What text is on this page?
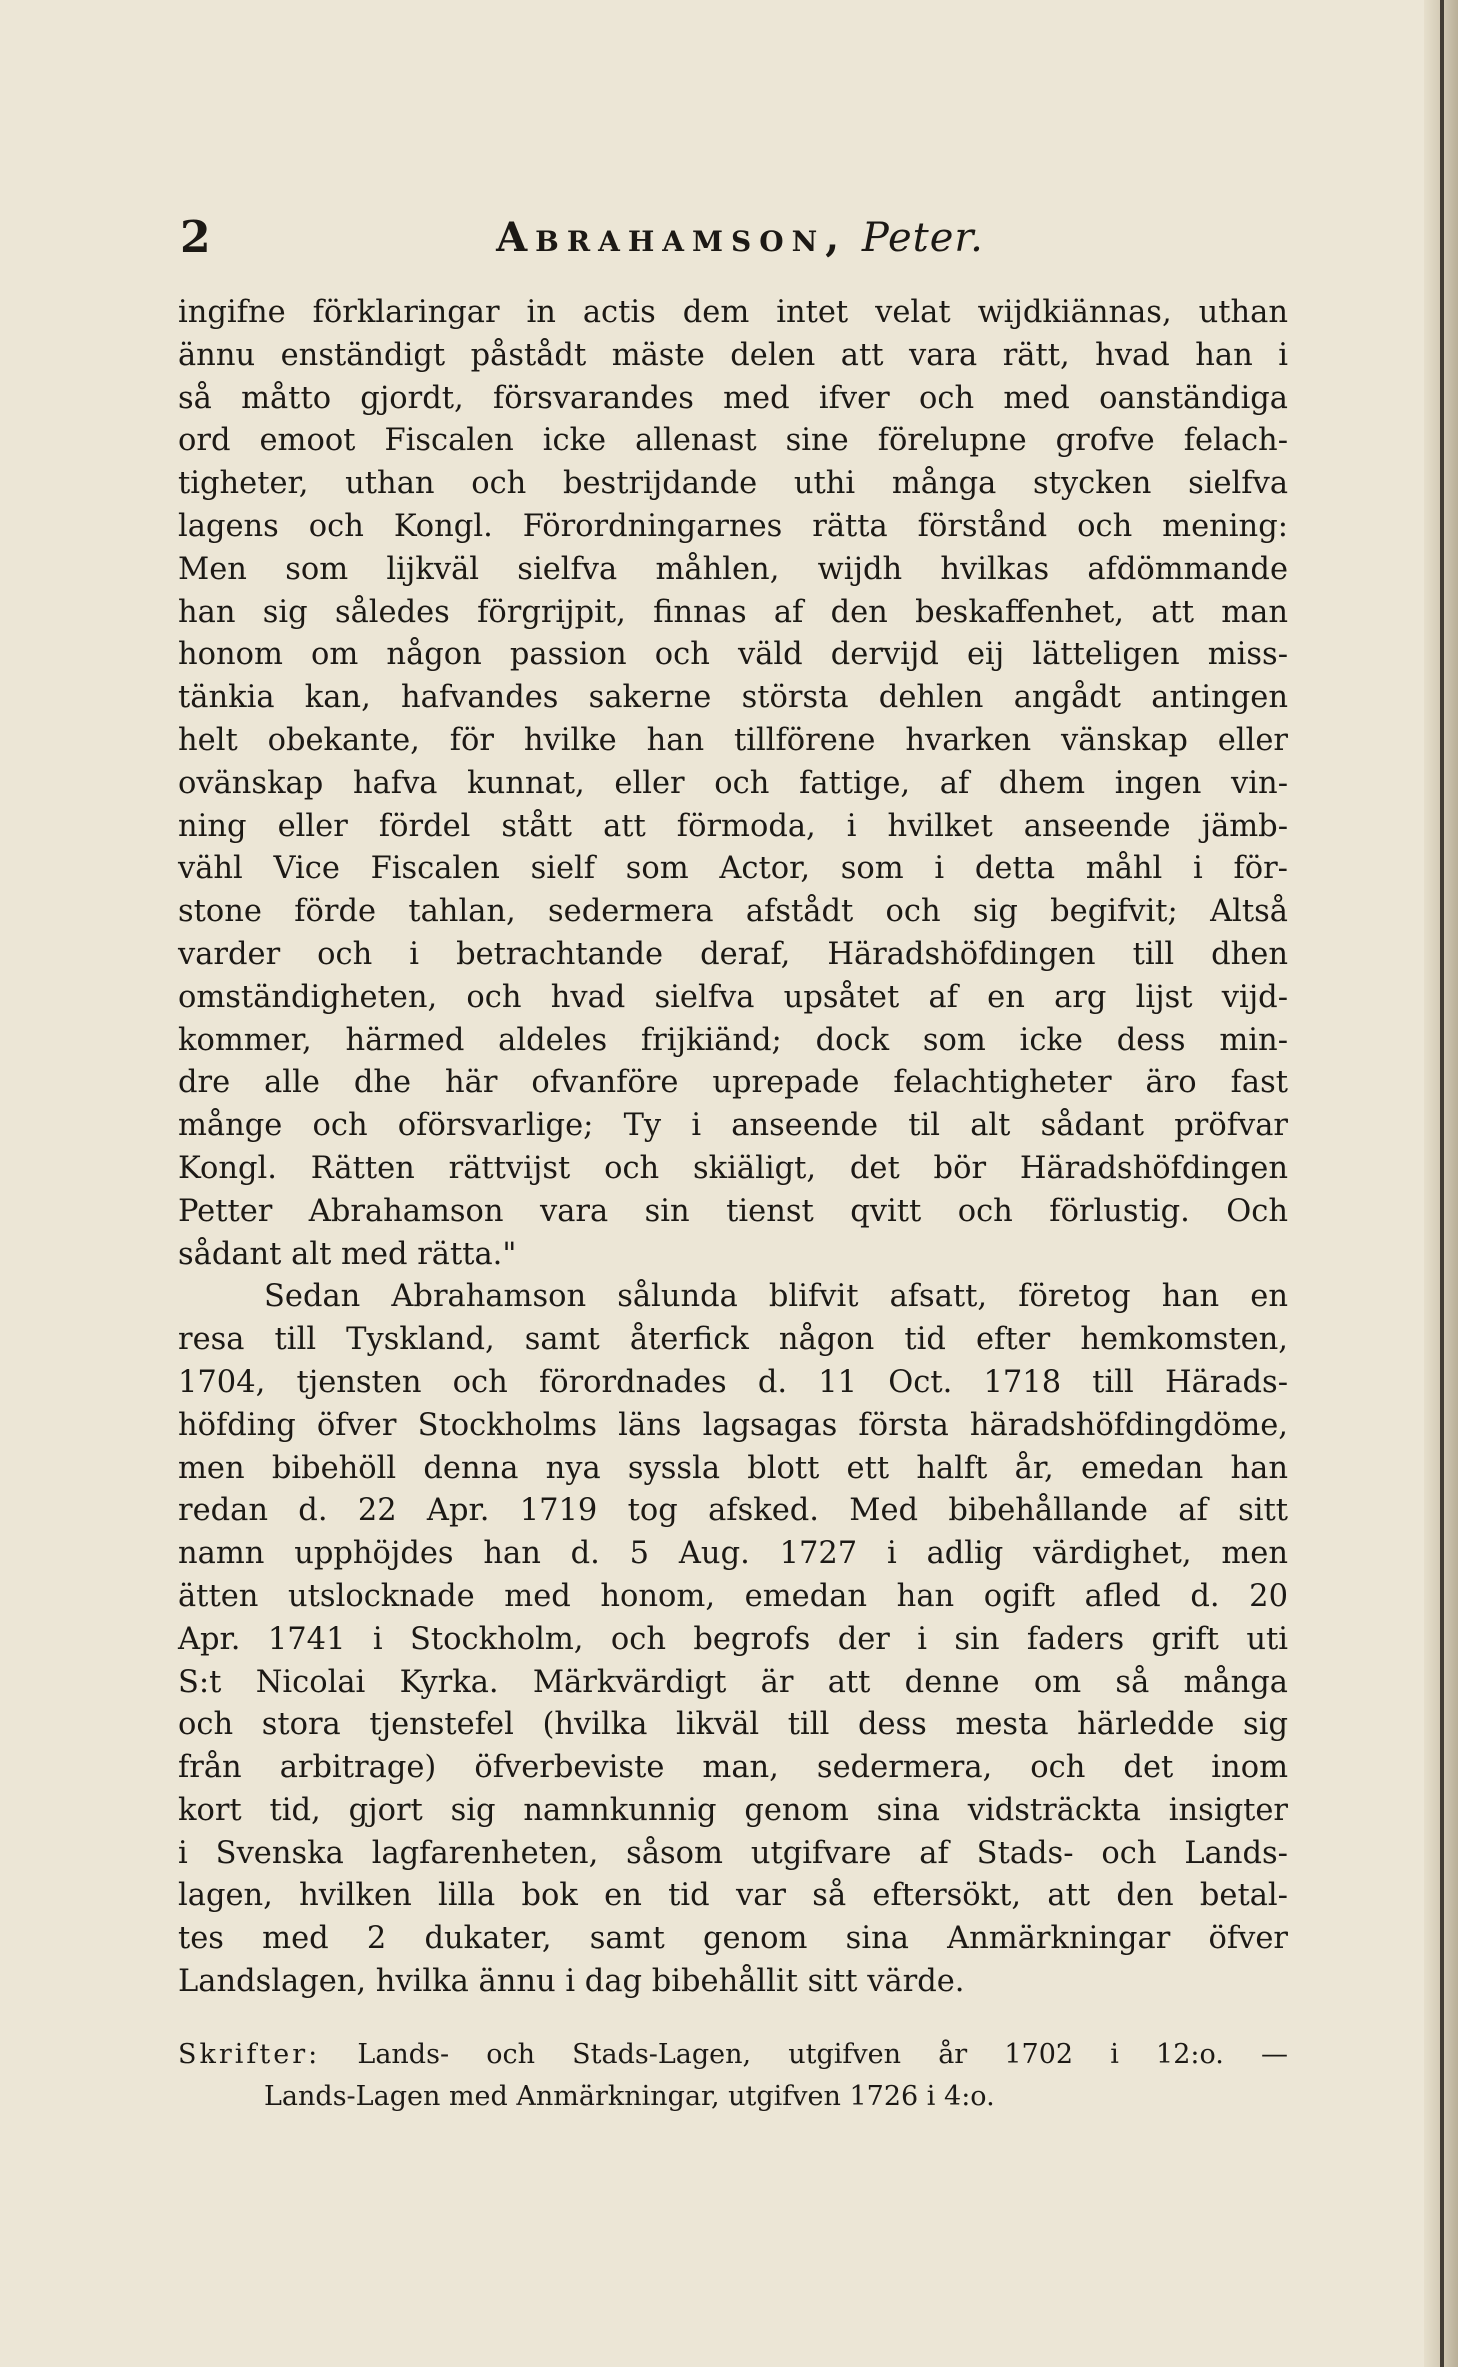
2	Abrahamson, Peter.
ingifne förklaringar in actis dem intet velat wijdkiännas, uthan
ännu enständigt påstådt mäste delen att vara rätt, hvad han i
så måtto gjordt, försvarandes med ifver och med oanständiga
ord emoot Fiscalen icke allenast sine förelupne grofve felach-
tigheter, uthan och bestrijdande uthi många stycken sielfva
lagens och Kongl. Förordningarnes rätta förstånd och mening:
Men som lijkväl sielfva måhlen, wijdh hvilkas afdömmande
han sig således förgrijpit, finnas af den beskaffenhet, att man
honom om någon passion och väld dervijd eij lätteligen miss-
tänkia kan, hafvandes sakerne största dehlen angådt antingen
helt obekante, för hvilke han tillförene hvarken vänskap eller
ovänskap hafva kunnat, eller och fattige, af dhem ingen vin-
ning eller fördel stått att förmoda, i hvilket anseende jämb-
vähl Vice Fiscalen sielf som Actor, som i detta måhl i för-
stone förde tahlan, sedermera afstådt och sig begifvit; Altså
varder och i betrachtande deraf, Häradshöfdingen till dhen
omständigheten, och hvad sielfva upsåtet af en arg lijst vijd-
kommer, härmed aldeles frijkiänd; dock som icke dess min-
dre alle dhe här ofvanföre uprepade felachtigheter äro fast
månge och oförsvarlige; Ty i anseende til alt sådant pröfvar
Kongl. Rätten rättvijst och skiäligt, det bör Häradshöfdingen
Petter Abrahamson vara sin tienst qvitt och förlustig. Och
sådant alt med rätta."
Sedan Abrahamson sålunda blifvit afsatt, företog han en
resa till Tyskland, samt återfick någon tid efter hemkomsten,
1704, tjensten och förordnades d. 11 Oct. 1718 till Härads-
höfding öfver Stockholms läns lagsagas första häradshöfdingdöme,
men bibehöll denna nya syssla blott ett halft år, emedan han
redan d. 22 Apr. 1719 tog afsked. Med bibehållande af sitt
namn upphöjdes han d. 5 Aug. 1727 i adlig värdighet, men
ätten utslocknade med honom, emedan han ogift afled d. 20
Apr. 1741 i Stockholm, och begrofs der i sin faders grift uti
S:t Nicolai Kyrka. Märkvärdigt är att denne om så många
och stora tjenstefel (hvilka likväl till dess mesta härledde sig
från arbitrage) öfverbeviste man, sedermera, och det inom
kort tid, gjort sig namnkunnig genom sina vidsträckta insigter
i Svenska lagfarenheten, såsom utgifvare af Stads- och Lands-
lagen, hvilken lilla bok en tid var så eftersökt, att den betal-
tes med 2 dukater, samt genom sina Anmärkningar öfver
Landslagen, hvilka ännu i dag bibehållit sitt värde.
Skrifter: Lands- och Stads-Lagen, utgifven år 1702 i 12:o. —
Lands-Lagen med Anmärkningar, utgifven 1726 i 4:o.
